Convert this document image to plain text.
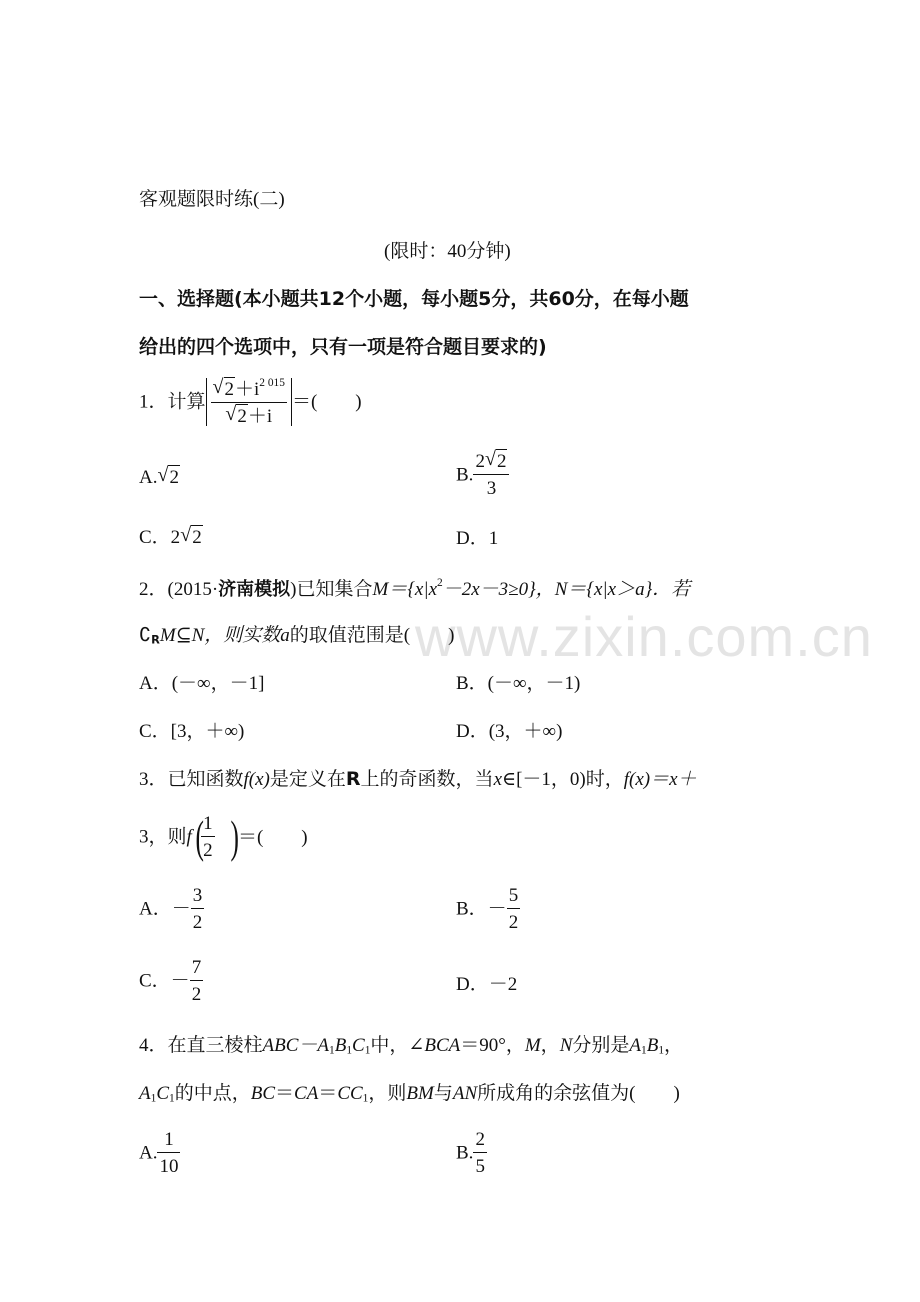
www.zixin.com.cn
客观题限时练(二)
(限时：40分钟)
一、选择题(本小题共12个小题，每小题5分，共60分，在每小题
给出的四个选项中，只有一项是符合题目要求的)
1．计算 √ $2+i^{2 015}$
√ 2＋i ＝(　　)
A. √ 2	B. $\frac{2 √ 2}{3}$
C．2 √ 2	D．1
2．(2015·济南模拟)已知集合$M=\{x|x^2-2x-3\ge 0\}$，N＝{x|x＞a}．若
$∁_RM⊆N$，则实数a的取值范围是(　　)
A．(－∞，－1]	B．(－∞，－1)
C．[3，＋∞)	D．(3，＋∞)
3．已知函数f(x)是定义在R上的奇函数，当x∈[－1，0)时，f(x)＝x＋
3，则f(
$\frac{1}{2}$ )＝(　　)
A．－ $\frac{3}{2}$	B．－ $\frac{5}{2}$
C．－ $\frac{7}{2}$	D．－2
4．在直三棱柱$ABC-A_1B_1C_1$中，∠BCA＝90°，M，N分别是$A_1B_1$，
$A_1C_1$的中点，$BC=CA=CC_1$，则BM与AN所成角的余弦值为(　　)
A. $\frac{1}{10}$	B. $\frac{2}{5}$
